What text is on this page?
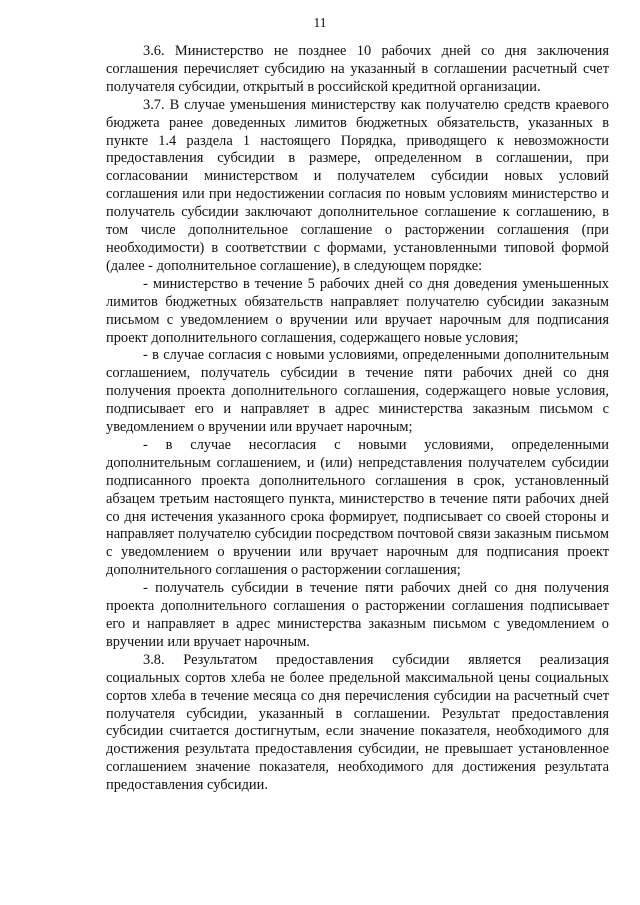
11

3.6. Министерство не позднее 10 рабочих дней со дня заключения соглашения перечисляет субсидию на указанный в соглашении расчетный счет получателя субсидии, открытый в российской кредитной организации.

3.7. В случае уменьшения министерству как получателю средств краевого бюджета ранее доведенных лимитов бюджетных обязательств, указанных в пункте 1.4 раздела 1 настоящего Порядка, приводящего к невозможности предоставления субсидии в размере, определенном в соглашении, при согласовании министерством и получателем субсидии новых условий соглашения или при недостижении согласия по новым условиям министерство и получатель субсидии заключают дополнительное соглашение к соглашению, в том числе дополнительное соглашение о расторжении соглашения (при необходимости) в соответствии с формами, установленными типовой формой (далее - дополнительное соглашение), в следующем порядке:

- министерство в течение 5 рабочих дней со дня доведения уменьшенных лимитов бюджетных обязательств направляет получателю субсидии заказным письмом с уведомлением о вручении или вручает нарочным для подписания проект дополнительного соглашения, содержащего новые условия;

- в случае согласия с новыми условиями, определенными дополнительным соглашением, получатель субсидии в течение пяти рабочих дней со дня получения проекта дополнительного соглашения, содержащего новые условия, подписывает его и направляет в адрес министерства заказным письмом с уведомлением о вручении или вручает нарочным;

- в случае несогласия с новыми условиями, определенными дополнительным соглашением, и (или) непредставления получателем субсидии подписанного проекта дополнительного соглашения в срок, установленный абзацем третьим настоящего пункта, министерство в течение пяти рабочих дней со дня истечения указанного срока формирует, подписывает со своей стороны и направляет получателю субсидии посредством почтовой связи заказным письмом с уведомлением о вручении или вручает нарочным для подписания проект дополнительного соглашения о расторжении соглашения;

- получатель субсидии в течение пяти рабочих дней со дня получения проекта дополнительного соглашения о расторжении соглашения подписывает его и направляет в адрес министерства заказным письмом с уведомлением о вручении или вручает нарочным.

3.8. Результатом предоставления субсидии является реализация социальных сортов хлеба не более предельной максимальной цены социальных сортов хлеба в течение месяца со дня перечисления субсидии на расчетный счет получателя субсидии, указанный в соглашении. Результат предоставления субсидии считается достигнутым, если значение показателя, необходимого для достижения результата предоставления субсидии, не превышает установленное соглашением значение показателя, необходимого для достижения результата предоставления субсидии.
